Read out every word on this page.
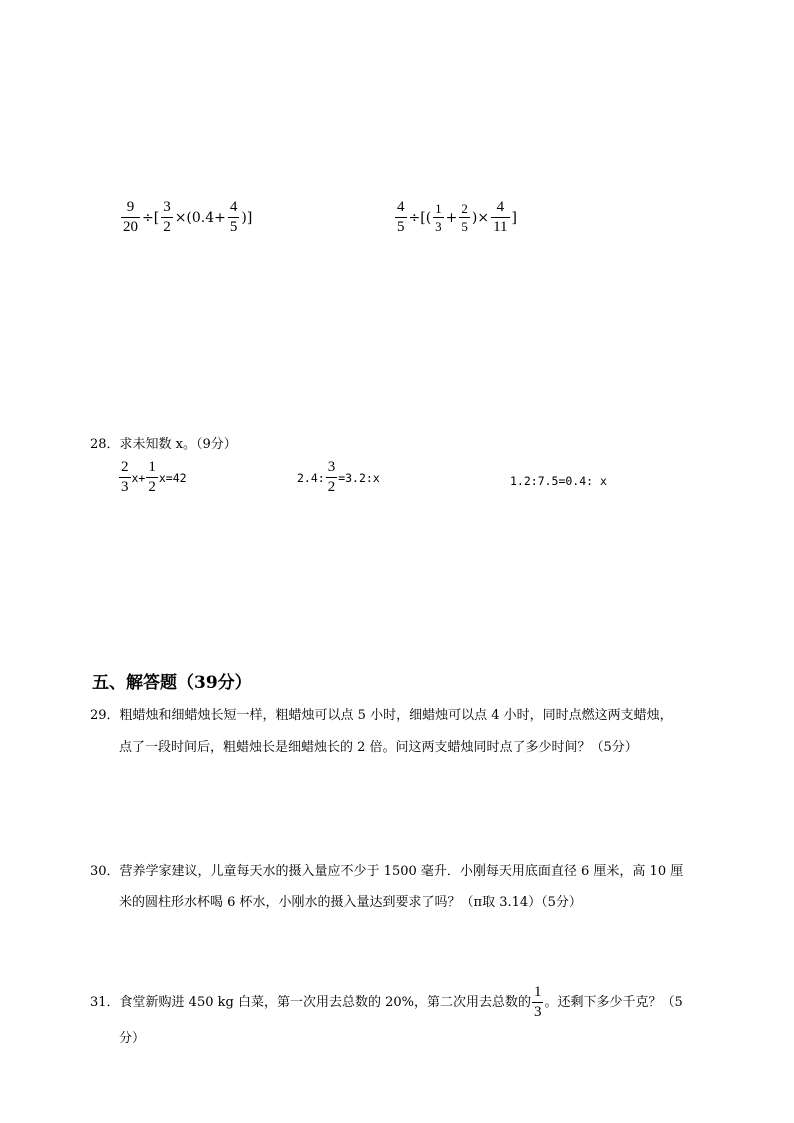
$\frac{9}{20}$ ÷[ $\frac{3}{2} \times(0.4+ \frac{4}{5}$ )]	$\frac{4}{5}$ ÷[( $\frac{1}{3} + \frac{2}{5}$ )× $\frac{4}{11}$ ]
28．求未知数 x。（9分）
$\frac{2}{3} x+ \frac{1}{2} x=42$	2.4: $\frac{3}{2}$ =3.2:x	1.2:7.5=0.4: x
五、解答题（39分）
29．粗蜡烛和细蜡烛长短一样，粗蜡烛可以点 5 小时，细蜡烛可以点 4 小时，同时点燃这两支蜡烛，
点了一段时间后，粗蜡烛长是细蜡烛长的 2 倍。问这两支蜡烛同时点了多少时间？（5分）
30．营养学家建议，儿童每天水的摄入量应不少于 1500 毫升．小刚每天用底面直径 6 厘米，高 10 厘
米的圆柱形水杯喝 6 杯水，小刚水的摄入量达到要求了吗？（π取 3.14）（5分）
31．食堂新购进 450 kg 白菜，第一次用去总数的 20%，第二次用去总数的 $\frac{1}{3}$ 。还剩下多少千克？（5
分）
